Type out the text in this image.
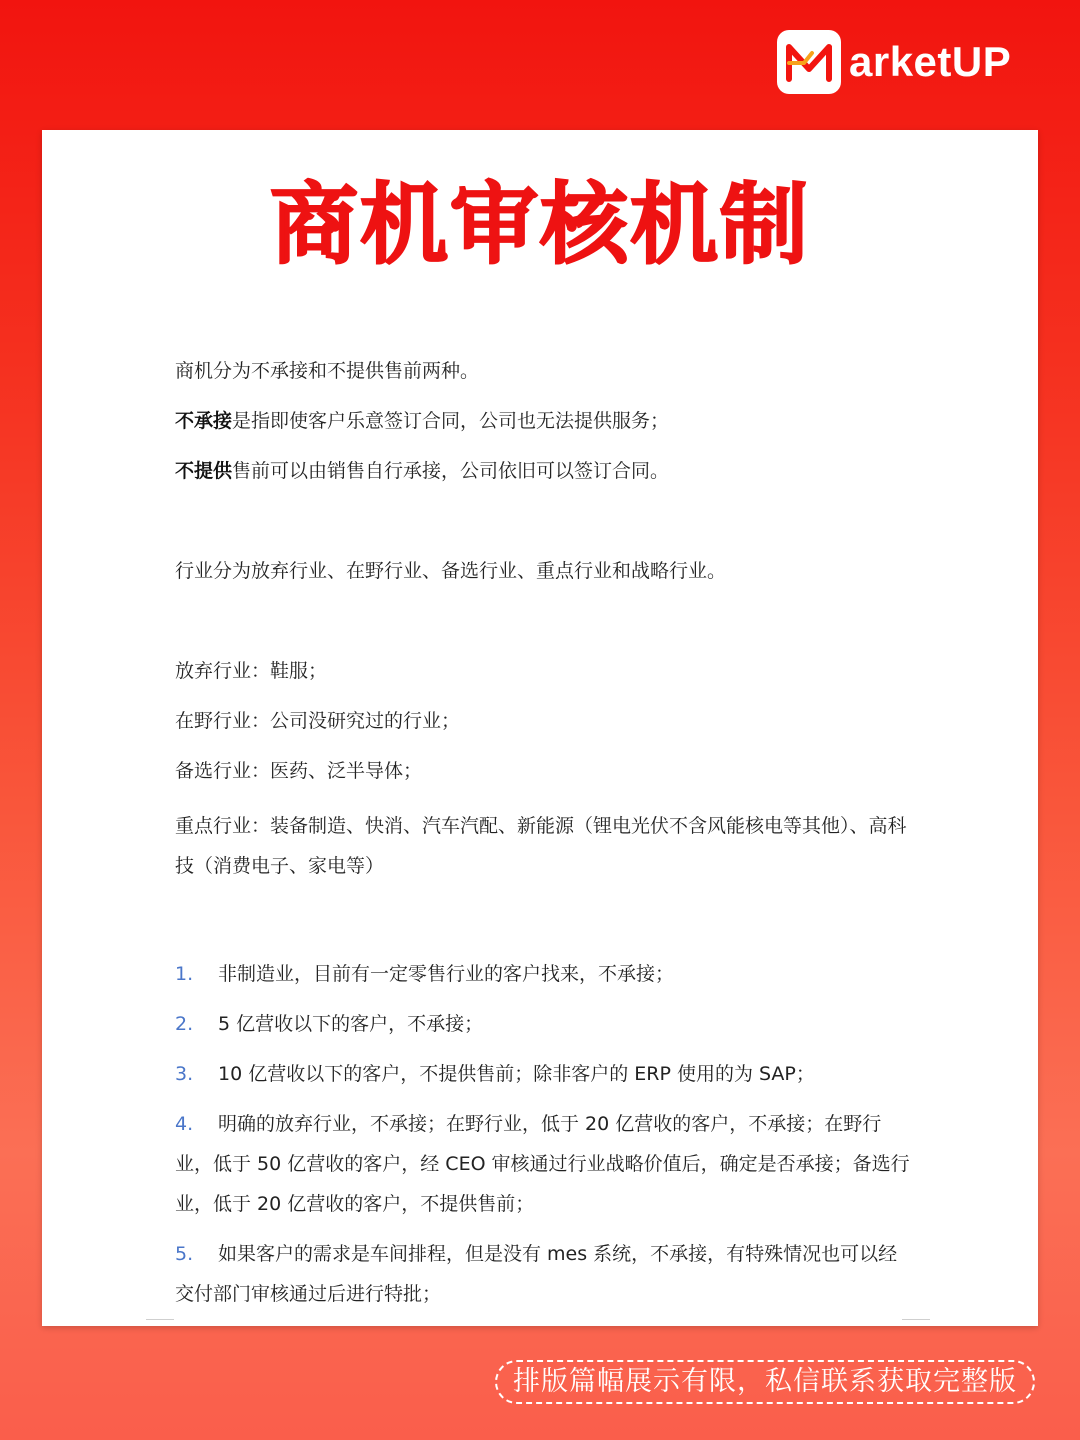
arketUP
商机审核机制

商机分为不承接和不提供售前两种。

不承接是指即使客户乐意签订合同，公司也无法提供服务；

不提供售前可以由销售自行承接，公司依旧可以签订合同。

行业分为放弃行业、在野行业、备选行业、重点行业和战略行业。

放弃行业：鞋服；

在野行业：公司没研究过的行业；

备选行业：医药、泛半导体；

重点行业：装备制造、快消、汽车汽配、新能源（锂电光伏不含风能核电等其他）、高科技（消费电子、家电等）

1. 非制造业，目前有一定零售行业的客户找来，不承接；

2. 5 亿营收以下的客户，不承接；

3. 10 亿营收以下的客户，不提供售前；除非客户的 ERP 使用的为 SAP；

4. 明确的放弃行业，不承接；在野行业，低于 20 亿营收的客户，不承接；在野行业，低于 50 亿营收的客户，经 CEO 审核通过行业战略价值后，确定是否承接；备选行业，低于 20 亿营收的客户，不提供售前；

5. 如果客户的需求是车间排程，但是没有 mes 系统，不承接，有特殊情况也可以经交付部门审核通过后进行特批；

排版篇幅展示有限，私信联系获取完整版
